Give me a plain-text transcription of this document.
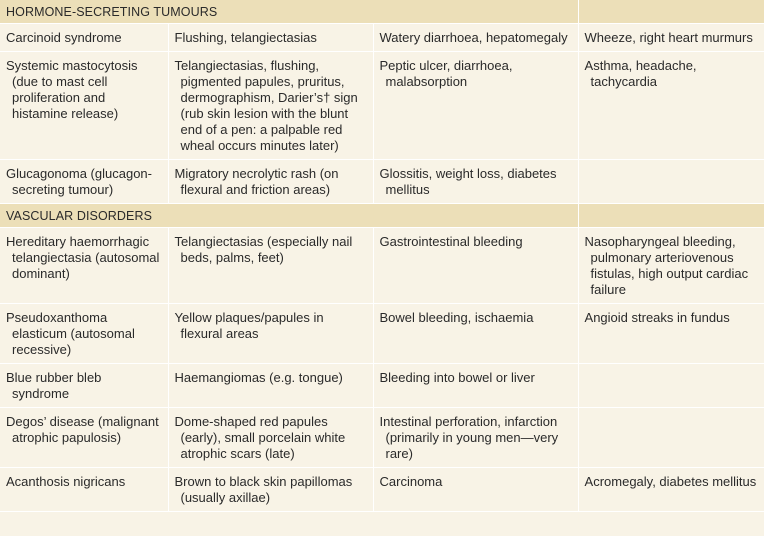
HORMONE-SECRETING TUMOURS			
Carcinoid syndrome	Flushing, telangiectasias	Watery diarrhoea, hepatomegaly	Wheeze, right heart murmurs
Systemic mastocytosis (due to mast cell proliferation and histamine release)	Telangiectasias, flushing, pigmented papules, pruritus, dermographism, Darier’s† sign (rub skin lesion with the blunt end of a pen: a palpable red wheal occurs minutes later)	Peptic ulcer, diarrhoea, malabsorption	Asthma, headache, tachycardia
Glucagonoma (glucagon-secreting tumour)	Migratory necrolytic rash (on flexural and friction areas)	Glossitis, weight loss, diabetes mellitus	
VASCULAR DISORDERS			
Hereditary haemorrhagic telangiectasia (autosomal dominant)	Telangiectasias (especially nail beds, palms, feet)	Gastrointestinal bleeding	Nasopharyngeal bleeding, pulmonary arteriovenous fistulas, high output cardiac failure
Pseudoxanthoma elasticum (autosomal recessive)	Yellow plaques/papules in flexural areas	Bowel bleeding, ischaemia	Angioid streaks in fundus
Blue rubber bleb syndrome	Haemangiomas (e.g. tongue)	Bleeding into bowel or liver	
Degos’ disease (malignant atrophic papulosis)	Dome-shaped red papules (early), small porcelain white atrophic scars (late)	Intestinal perforation, infarction (primarily in young men—very rare)	
Acanthosis nigricans	Brown to black skin papillomas (usually axillae)	Carcinoma	Acromegaly, diabetes mellitus
